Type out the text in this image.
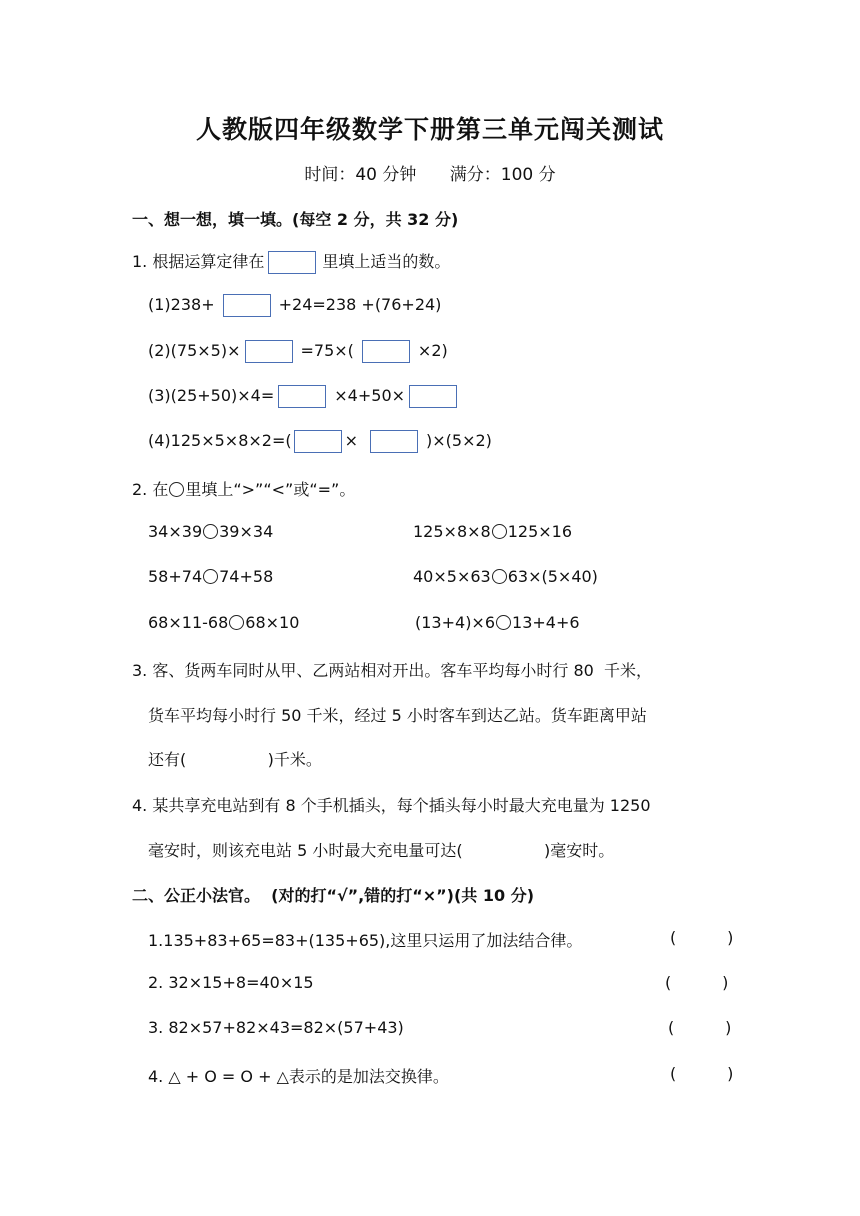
人教版四年级数学下册第三单元闯关测试
时间：40 分钟 满分：100 分
一、想一想，填一填。(每空 2 分，共 32 分)
1. 根据运算定律在	里填上适当的数。
(1)238+	+24=238 +(76+24)
(2)(75×5)×	=75×(	×2)
(3)(25+50)×4=	×4+50×
(4)125×5×8×2=(	×	)×(5×2)
2. 在 里填上“>”“<”或“=”。
34×39 39×34	125×8×8 125×16
58+74 74+58	40×5×63 63×(5×40)
68×11-68 68×10	(13+4)×6 13+4+6
3. 客、货两车同时从甲、乙两站相对开出。客车平均每小时行 80  千米，
货车平均每小时行 50 千米，经过 5 小时客车到达乙站。货车距离甲站
还有(                )千米。
4. 某共享充电站到有 8 个手机插头，每个插头每小时最大充电量为 1250
毫安时，则该充电站 5 小时最大充电量可达(                )毫安时。
二、公正小法官。  (对的打“√”,错的打“×”)(共 10 分)
1.135+83+65=83+(135+65),这里只运用了加法结合律。	(          )
2. 32×15+8=40×15	(          )
3. 82×57+82×43=82×(57+43)	(          )
4. △ + O = O + △表示的是加法交换律。	(          )
